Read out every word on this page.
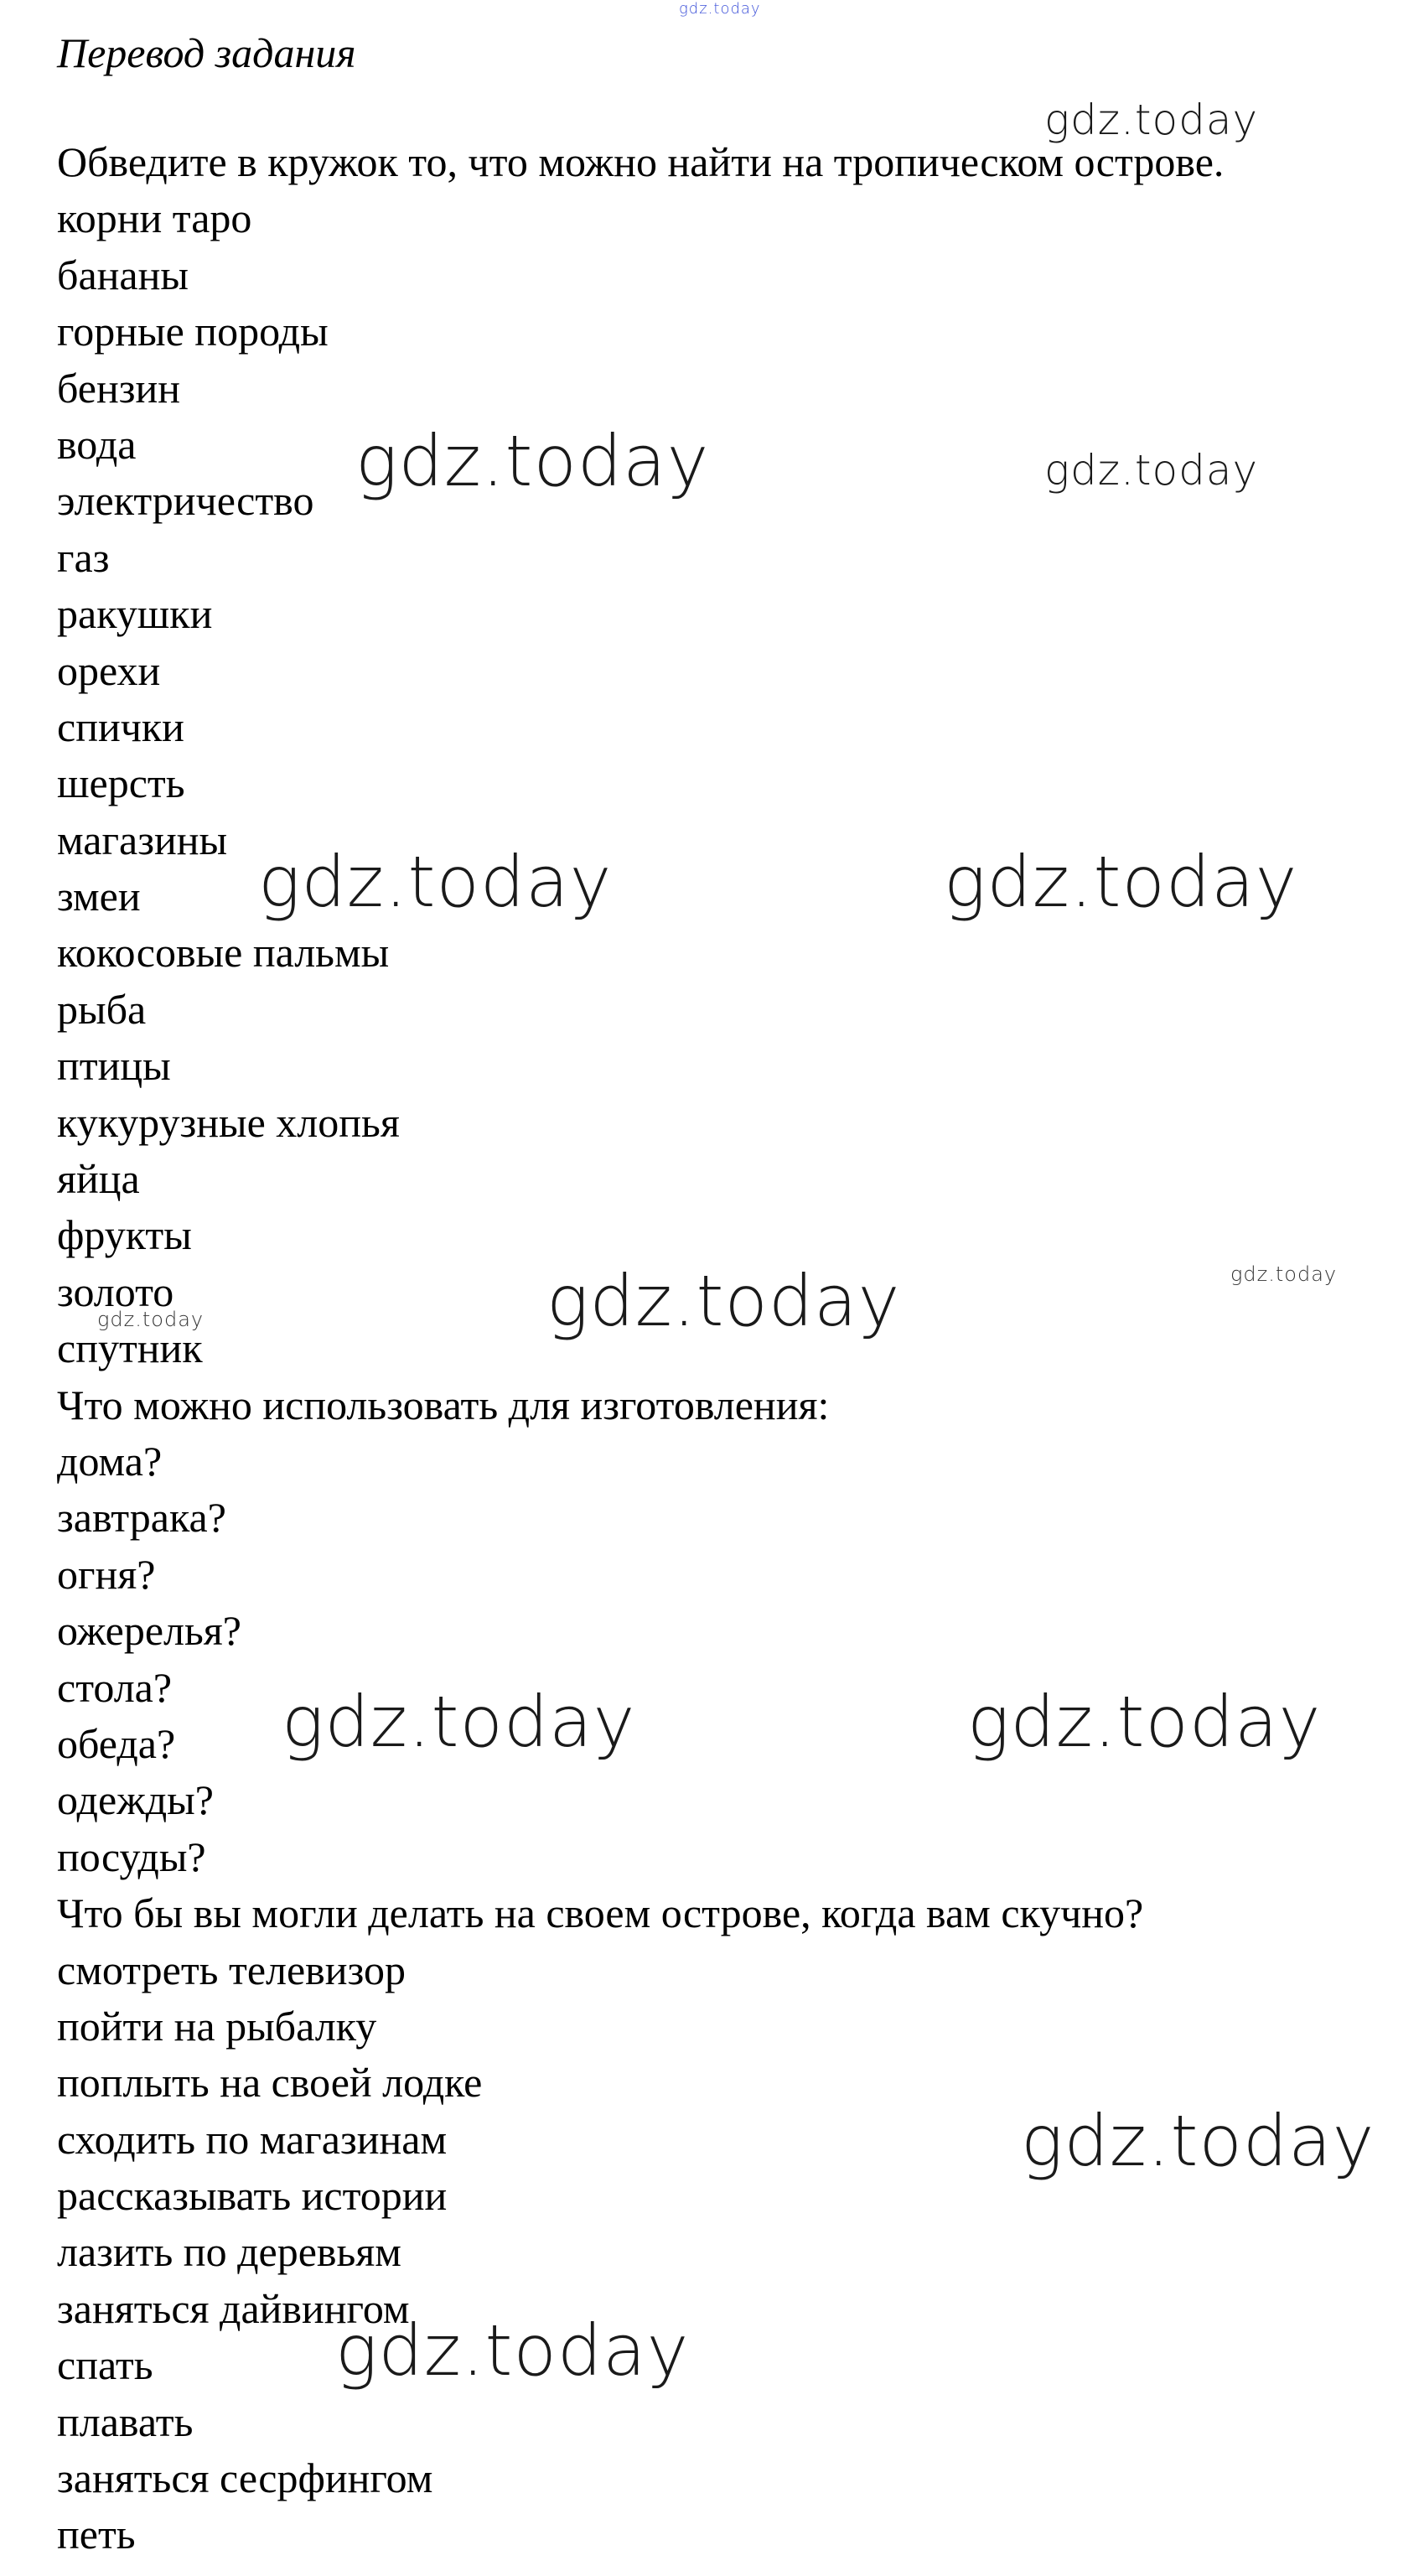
Перевод задания
Обведите в кружок то, что можно найти на тропическом острове.
корни таро
бананы
горные породы
бензин
вода
электричество
газ
ракушки
орехи
спички
шерсть
магазины
змеи
кокосовые пальмы
рыба
птицы
кукурузные хлопья
яйца
фрукты
золото
спутник
Что можно использовать для изготовления:
дома?
завтрака?
огня?
ожерелья?
стола?
обеда?
одежды?
посуды?
Что бы вы могли делать на своем острове, когда вам скучно?
смотреть телевизор
пойти на рыбалку
поплыть на своей лодке
сходить по магазинам
рассказывать истории
лазить по деревьям
заняться дайвингом
спать
плавать
заняться сесрфингом
петь
gdz.today
gdz.today
gdz.today	gdz.today
gdz.today	gdz.today
gdz.today	gdz.today
gdz.today
gdz.today	gdz.today
gdz.today
gdz.today
